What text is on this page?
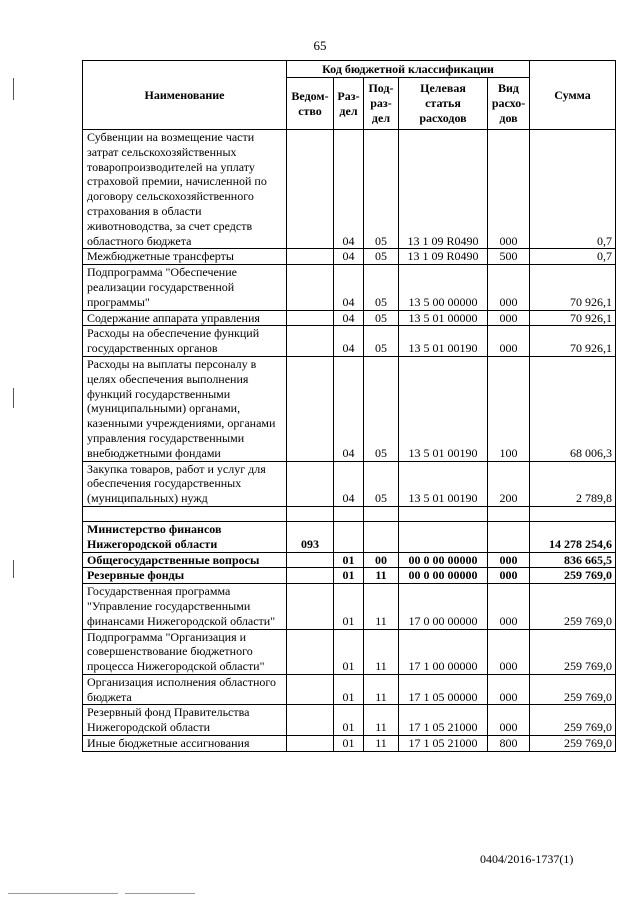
65
Наименование	Код бюджетной классификации					Сумма
	Ведом-ство	Раз-дел	Под-раз-дел	Целевая статья расходов	Вид расхо-дов	
Субвенции на возмещение части затрат сельскохозяйственных товаропроизводителей на уплату страховой премии, начисленной по договору сельскохозяйственного страхования в области животноводства, за счет средств областного бюджета		04	05	13 1 09 R0490	000	0,7
Межбюджетные трансферты		04	05	13 1 09 R0490	500	0,7
Подпрограмма "Обеспечение реализации государственной программы"		04	05	13 5 00 00000	000	70 926,1
Содержание аппарата управления		04	05	13 5 01 00000	000	70 926,1
Расходы на обеспечение функций государственных органов		04	05	13 5 01 00190	000	70 926,1
Расходы на выплаты персоналу в целях обеспечения выполнения функций государственными (муниципальными) органами, казенными учреждениями, органами управления государственными внебюджетными фондами		04	05	13 5 01 00190	100	68 006,3
Закупка товаров, работ и услуг для обеспечения государственных (муниципальных) нужд		04	05	13 5 01 00190	200	2 789,8

Министерство финансов Нижегородской области	093					14 278 254,6
Общегосударственные вопросы		01	00	00 0 00 00000	000	836 665,5
Резервные фонды		01	11	00 0 00 00000	000	259 769,0
Государственная программа "Управление государственными финансами Нижегородской области"		01	11	17 0 00 00000	000	259 769,0
Подпрограмма "Организация и совершенствование бюджетного процесса Нижегородской области"		01	11	17 1 00 00000	000	259 769,0
Организация исполнения областного бюджета		01	11	17 1 05 00000	000	259 769,0
Резервный фонд Правительства Нижегородской области		01	11	17 1 05 21000	000	259 769,0
Иные бюджетные ассигнования		01	11	17 1 05 21000	800	259 769,0
0404/2016-1737(1)
